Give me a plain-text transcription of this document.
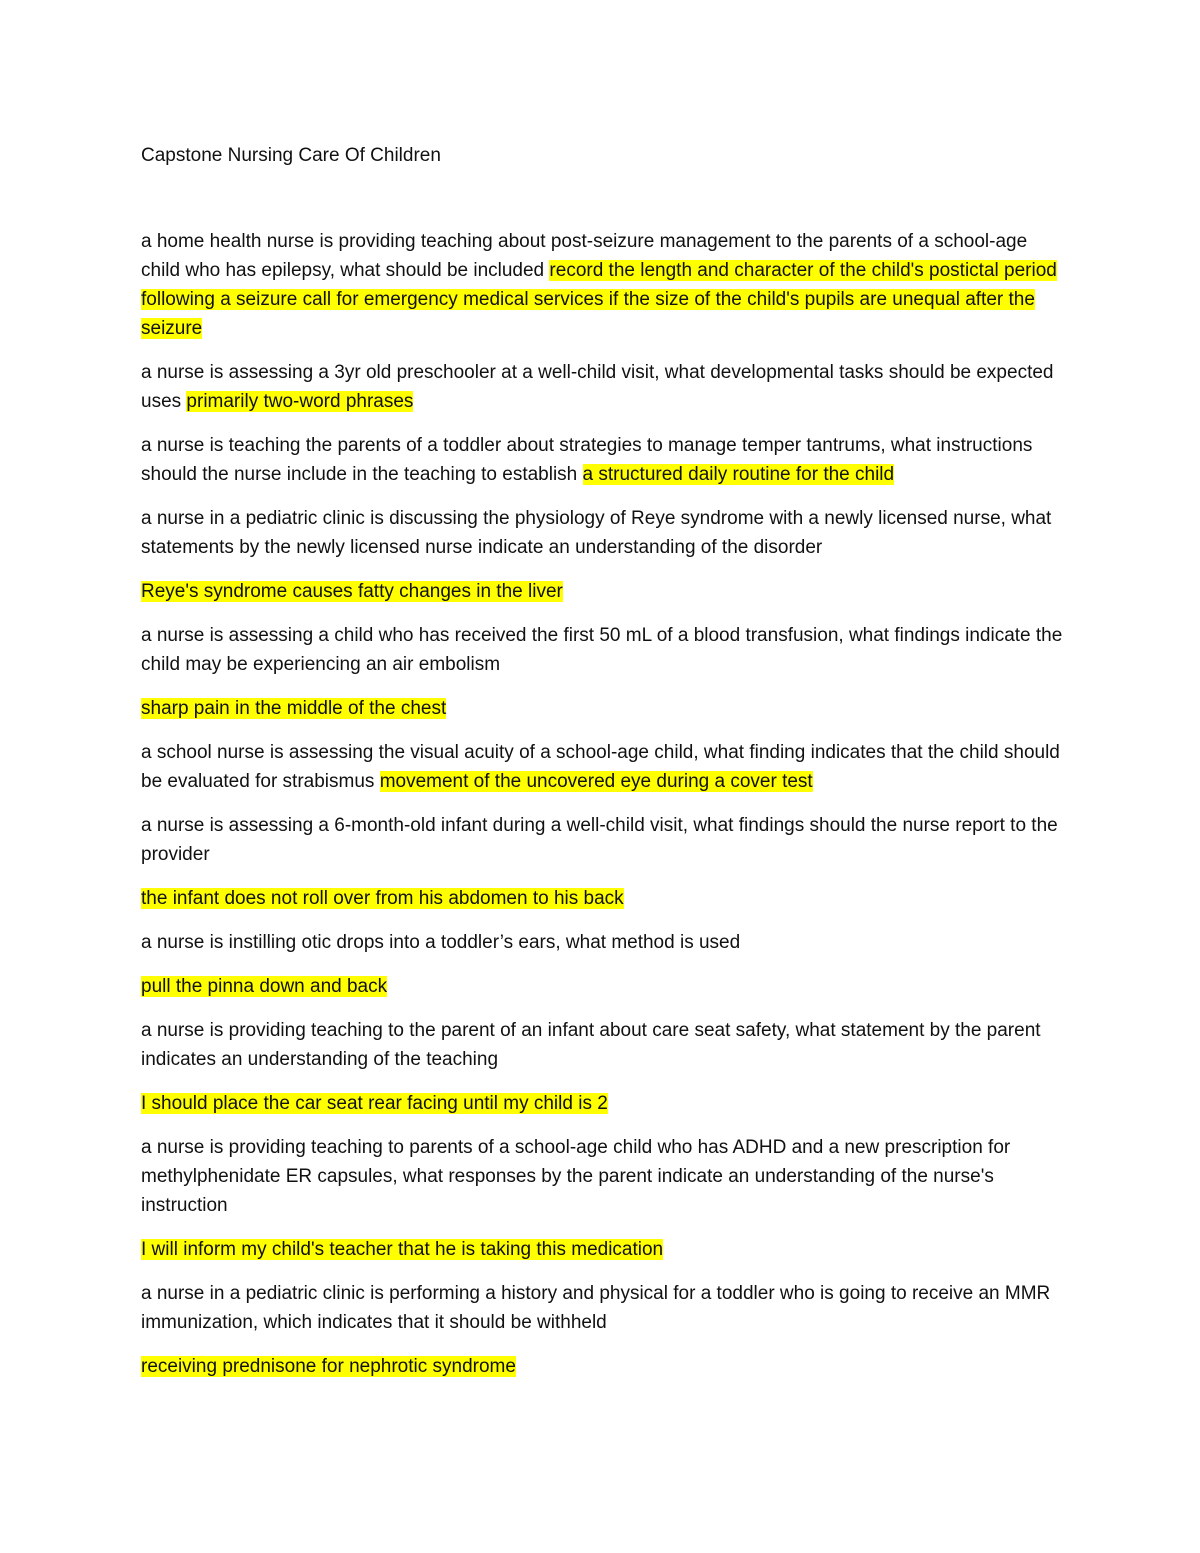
Capstone Nursing Care Of Children

a home health nurse is providing teaching about post-seizure management to the parents of a school-age child who has epilepsy, what should be included record the length and character of the child's postictal period following a seizure call for emergency medical services if the size of the child's pupils are unequal after the seizure

a nurse is assessing a 3yr old preschooler at a well-child visit, what developmental tasks should be expected uses primarily two-word phrases

a nurse is teaching the parents of a toddler about strategies to manage temper tantrums, what instructions should the nurse include in the teaching to establish a structured daily routine for the child

a nurse in a pediatric clinic is discussing the physiology of Reye syndrome with a newly licensed nurse, what statements by the newly licensed nurse indicate an understanding of the disorder

Reye's syndrome causes fatty changes in the liver

a nurse is assessing a child who has received the first 50 mL of a blood transfusion, what findings indicate the child may be experiencing an air embolism

sharp pain in the middle of the chest

a school nurse is assessing the visual acuity of a school-age child, what finding indicates that the child should be evaluated for strabismus movement of the uncovered eye during a cover test

a nurse is assessing a 6-month-old infant during a well-child visit, what findings should the nurse report to the provider

the infant does not roll over from his abdomen to his back

a nurse is instilling otic drops into a toddler’s ears, what method is used

pull the pinna down and back

a nurse is providing teaching to the parent of an infant about care seat safety, what statement by the parent indicates an understanding of the teaching

I should place the car seat rear facing until my child is 2

a nurse is providing teaching to parents of a school-age child who has ADHD and a new prescription for methylphenidate ER capsules, what responses by the parent indicate an understanding of the nurse's instruction

I will inform my child's teacher that he is taking this medication

a nurse in a pediatric clinic is performing a history and physical for a toddler who is going to receive an MMR immunization, which indicates that it should be withheld

receiving prednisone for nephrotic syndrome
